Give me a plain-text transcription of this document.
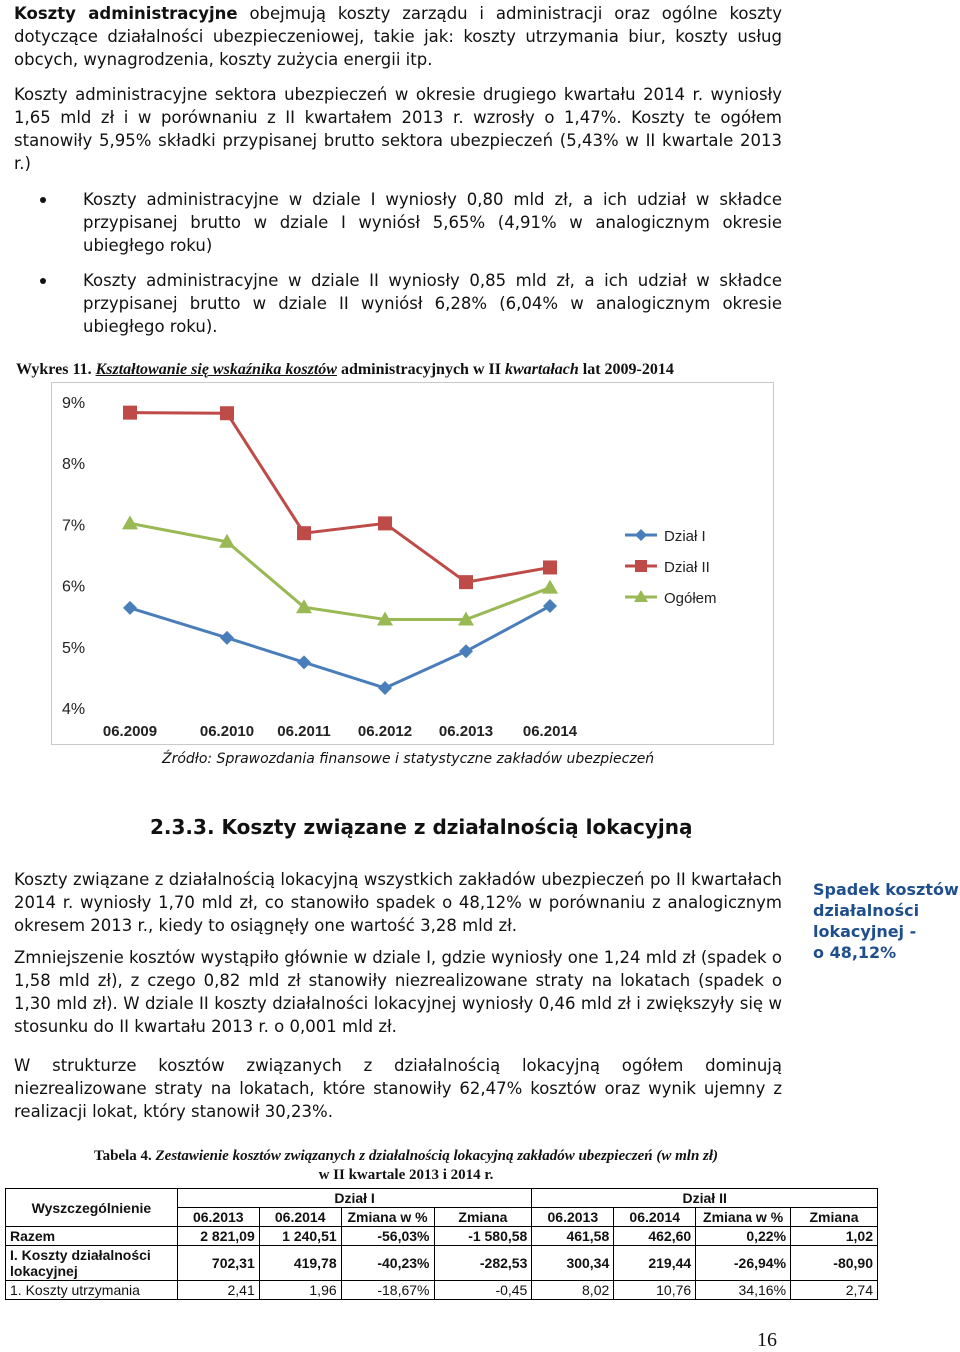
Koszty administracyjne obejmują koszty zarządu i administracji oraz ogólne koszty dotyczące działalności ubezpieczeniowej, takie jak: koszty utrzymania biur, koszty usług obcych, wynagrodzenia, koszty zużycia energii itp.

Koszty administracyjne sektora ubezpieczeń w okresie drugiego kwartału 2014 r. wyniosły 1,65 mld zł i w porównaniu z II kwartałem 2013 r. wzrosły o 1,47%. Koszty te ogółem stanowiły 5,95% składki przypisanej brutto sektora ubezpieczeń (5,43% w II kwartale 2013 r.)

Koszty administracyjne w dziale I wyniosły 0,80 mld zł, a ich udział w składce przypisanej brutto w dziale I wyniósł 5,65% (4,91% w analogicznym okresie ubiegłego roku)
Koszty administracyjne w dziale II wyniosły 0,85 mld zł, a ich udział w składce przypisanej brutto w dziale II wyniósł 6,28% (6,04% w analogicznym okresie ubiegłego roku).
Wykres 11. Kształtowanie się wskaźnika kosztów administracyjnych w II kwartałach lat 2009-2014
4%
5%
6%
7%
8%
9%
06.2009	06.2010 06.2011 06.2012 06.2013 06.2014
Dział I
Dział II
Ogółem
Źródło: Sprawozdania finansowe i statystyczne zakładów ubezpieczeń
2.3.3. Koszty związane z działalnością lokacyjną

Koszty związane z działalnością lokacyjną wszystkich zakładów ubezpieczeń po II kwartałach 2014 r. wyniosły 1,70 mld zł, co stanowiło spadek o 48,12% w porównaniu z analogicznym okresem 2013 r., kiedy to osiągnęły one wartość 3,28 mld zł.

Zmniejszenie kosztów wystąpiło głównie w dziale I, gdzie wyniosły one 1,24 mld zł (spadek o 1,58 mld zł), z czego 0,82 mld zł stanowiły niezrealizowane straty na lokatach (spadek o 1,30 mld zł). W dziale II koszty działalności lokacyjnej wyniosły 0,46 mld zł i zwiększyły się w stosunku do II kwartału 2013 r. o 0,001 mld zł.

W strukturze kosztów związanych z działalnością lokacyjną ogółem dominują niezrealizowane straty na lokatach, które stanowiły 62,47% kosztów oraz wynik ujemny z realizacji lokat, który stanowił 30,23%.

Spadek kosztów
działalności
lokacyjnej -
o 48,12%
Tabela 4. Zestawienie kosztów związanych z działalnością lokacyjną zakładów ubezpieczeń (w mln zł)
w II kwartale 2013 i 2014 r.
Wyszczególnienie	Dział I				Dział II			
	06.2013	06.2014	Zmiana w %	Zmiana	06.2013	06.2014	Zmiana w %	Zmiana
Razem	2 821,09	1 240,51	-56,03%	-1 580,58	461,58	462,60	0,22%	1,02
I. Koszty działalności lokacyjnej	702,31	419,78	-40,23%	-282,53	300,34	219,44	-26,94%	-80,90
1. Koszty utrzymania	2,41	1,96	-18,67%	-0,45	8,02	10,76	34,16%	2,74
16
